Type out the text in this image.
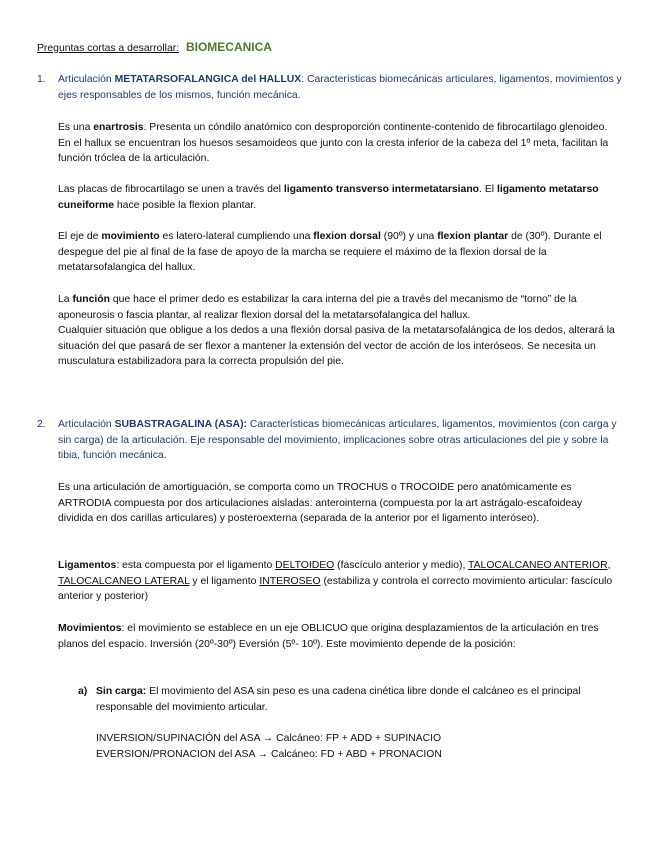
Preguntas cortas a desarrollar: BIOMECANICA
1.	Articulación METATARSOFALANGICA del HALLUX: Características biomecánicas articulares, ligamentos, movimientos y ejes responsables de los mismos, función mecánica.

Es una enartrosis. Presenta un cóndilo anatómico con desproporción continente-contenido de fibrocartilago glenoideo. En el hallux se encuentran los huesos sesamoideos que junto con la cresta inferior de la cabeza del 1º meta, facilitan la función tróclea de la articulación.

Las placas de fibrocartilago se unen a través del ligamento transverso intermetatarsiano. El ligamento metatarso cuneiforme hace posible la flexion plantar.

El eje de movimiento es latero-lateral cumpliendo una flexion dorsal (90º) y una flexion plantar de (30º). Durante el despegue del pie al final de la fase de apoyo de la marcha se requiere el máximo de la flexion dorsal de la metatarsofalangica del hallux.

La función que hace el primer dedo es estabilizar la cara interna del pie a través del mecanismo de “torno” de la aponeurosis o fascia plantar, al realizar flexion dorsal del la metatarsofalangica del hallux.
Cualquier situación que obligue a los dedos a una flexión dorsal pasiva de la metatarsofalángica de los dedos, alterará la situación del que pasará de ser flexor a mantener la extensión del vector de acción de los interóseos. Se necesita un musculatura estabilizadora para la correcta propulsión del pie.

2.	Articulación SUBASTRAGALINA (ASA): Características biomecánicas articulares, ligamentos, movimientos (con carga y sin carga) de la articulación. Eje responsable del movimiento, implicaciones sobre otras articulaciones del pie y sobre la tibia, función mecánica.

Es una articulación de amortiguación, se comporta como un TROCHUS o TROCOIDE pero anatómicamente es ARTRODIA compuesta por dos articulaciones aisladas: anterointerna (compuesta por la art astrágalo-escafoideay dividida en dos carillas articulares) y posteroexterna (separada de la anterior por el ligamento interóseo).

Ligamentos: esta compuesta por el ligamento DELTOIDEO (fascículo anterior y medio), TALOCALCANEO ANTERIOR, TALOCALCANEO LATERAL y el ligamento INTEROSEO (estabiliza y controla el correcto movimiento articular: fascículo anterior y posterior)

Movimientos: el movimiento se establece en un eje OBLICUO que origina desplazamientos de la articulación en tres planos del espacio. Inversión (20º-30º) Eversión (5º- 10º). Este movimiento depende de la posición:

a) Sin carga: El movimiento del ASA sin peso es una cadena cinética libre donde el calcáneo es el principal responsable del movimiento articular.
INVERSION/SUPINACIÓN del ASA → Calcáneo: FP + ADD + SUPINACIO
EVERSION/PRONACION del ASA → Calcáneo: FD + ABD + PRONACION
